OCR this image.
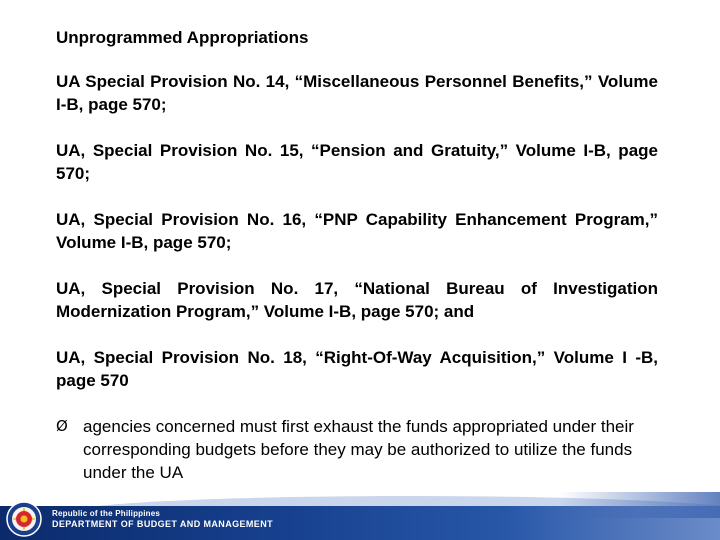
Unprogrammed Appropriations

UA Special Provision No. 14, “Miscellaneous Personnel Benefits,” Volume I-B, page 570;

UA, Special Provision No. 15, “Pension and Gratuity,” Volume I-B, page 570;

UA, Special Provision No. 16, “PNP Capability Enhancement Program,” Volume I-B, page 570;

UA, Special Provision No. 17, “National Bureau of Investigation Modernization Program,” Volume I-B, page 570; and

UA, Special Provision No. 18, “Right-Of-Way Acquisition,” Volume I -B, page 570

Ø agencies concerned must first exhaust the funds appropriated under their corresponding budgets before they may be authorized to utilize the funds under the UA

Republic of the Philippines
DEPARTMENT OF BUDGET AND MANAGEMENT
